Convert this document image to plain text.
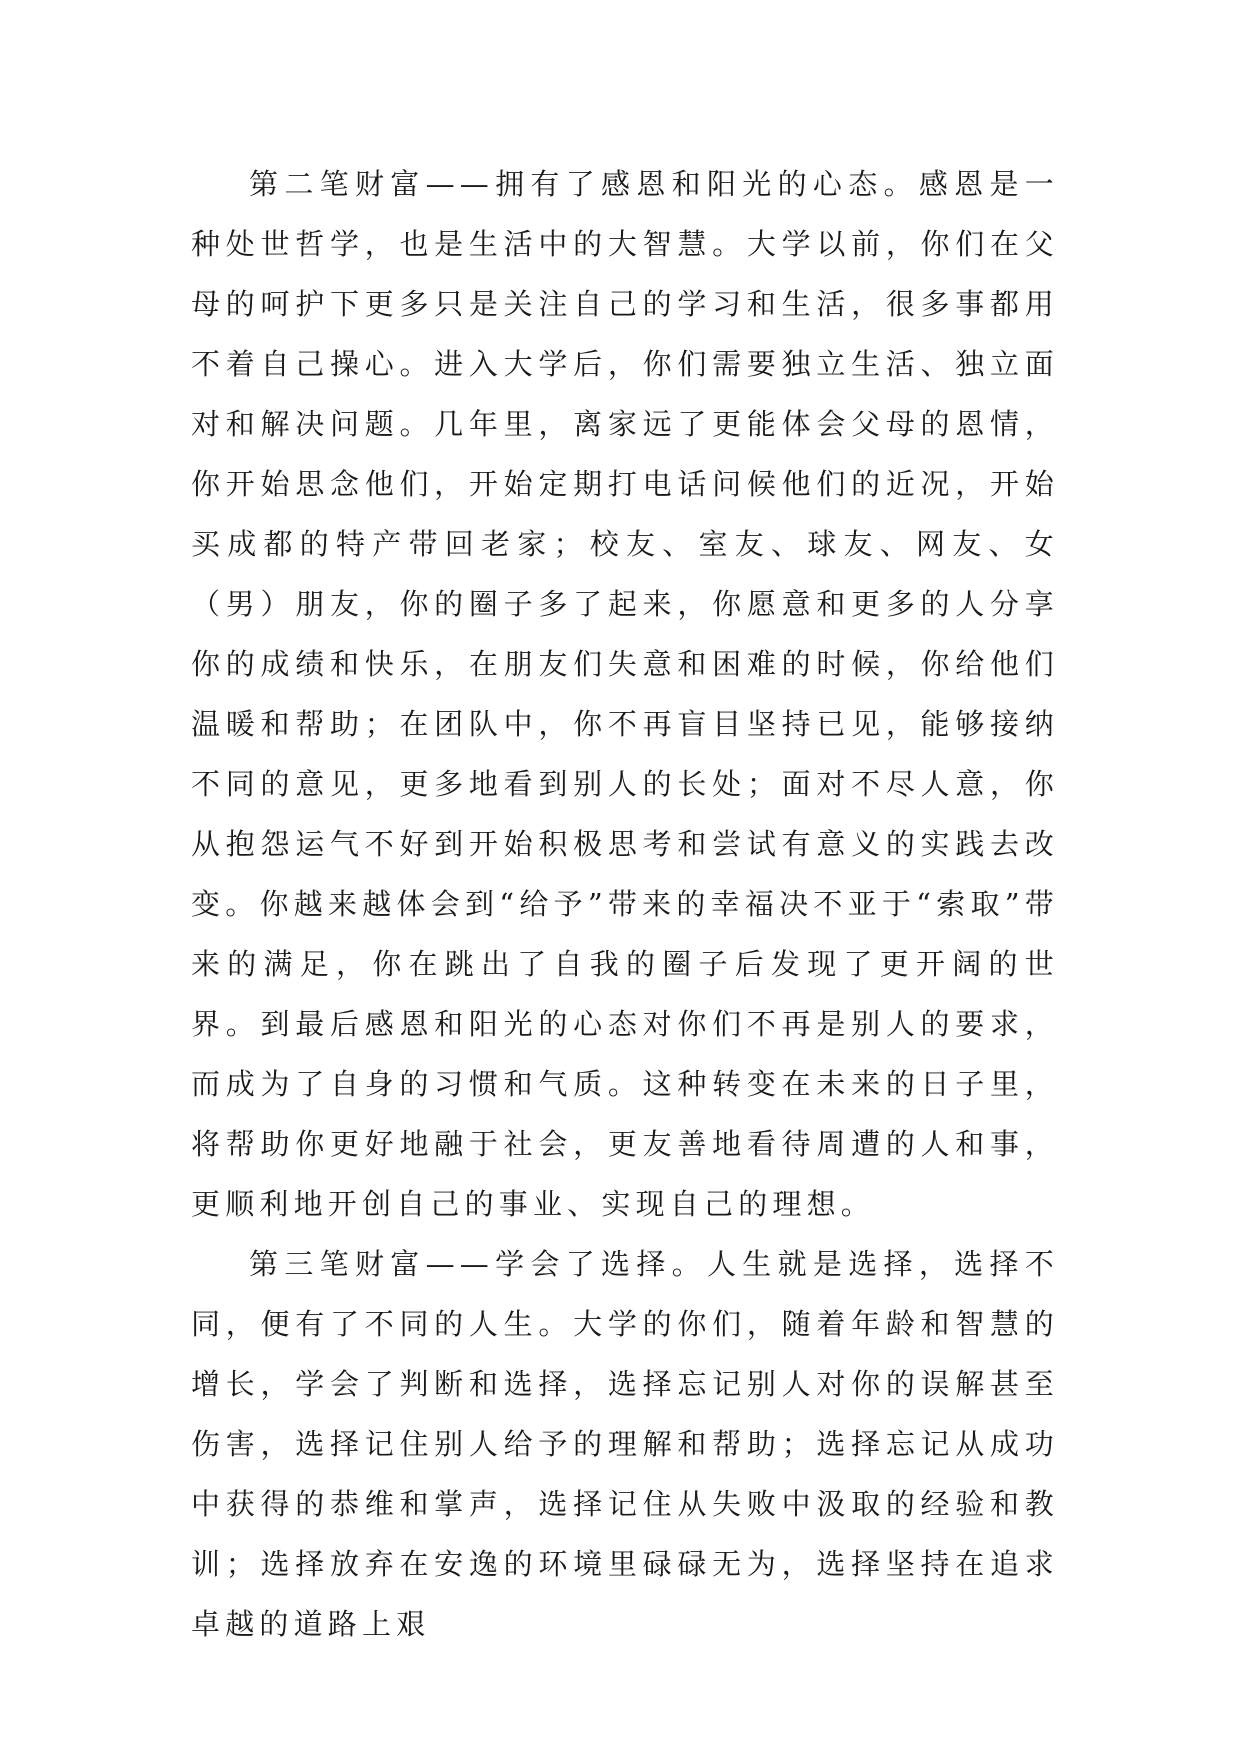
第二笔财富——拥有了感恩和阳光的心态。感恩是一种处世哲学，也是生活中的大智慧。大学以前，你们在父母的呵护下更多只是关注自己的学习和生活，很多事都用不着自己操心。进入大学后，你们需要独立生活、独立面对和解决问题。几年里，离家远了更能体会父母的恩情，你开始思念他们，开始定期打电话问候他们的近况，开始买成都的特产带回老家；校友、室友、球友、网友、女（男）朋友，你的圈子多了起来，你愿意和更多的人分享你的成绩和快乐，在朋友们失意和困难的时候，你给他们温暖和帮助；在团队中，你不再盲目坚持已见，能够接纳不同的意见，更多地看到别人的长处；面对不尽人意，你从抱怨运气不好到开始积极思考和尝试有意义的实践去改变。你越来越体会到“给予”带来的幸福决不亚于“索取”带来的满足，你在跳出了自我的圈子后发现了更开阔的世界。到最后感恩和阳光的心态对你们不再是别人的要求，而成为了自身的习惯和气质。这种转变在未来的日子里，将帮助你更好地融于社会，更友善地看待周遭的人和事，更顺利地开创自己的事业、实现自己的理想。

第三笔财富——学会了选择。人生就是选择，选择不同，便有了不同的人生。大学的你们，随着年龄和智慧的增长，学会了判断和选择，选择忘记别人对你的误解甚至伤害，选择记住别人给予的理解和帮助；选择忘记从成功中获得的恭维和掌声，选择记住从失败中汲取的经验和教训；选择放弃在安逸的环境里碌碌无为，选择坚持在追求卓越的道路上艰
